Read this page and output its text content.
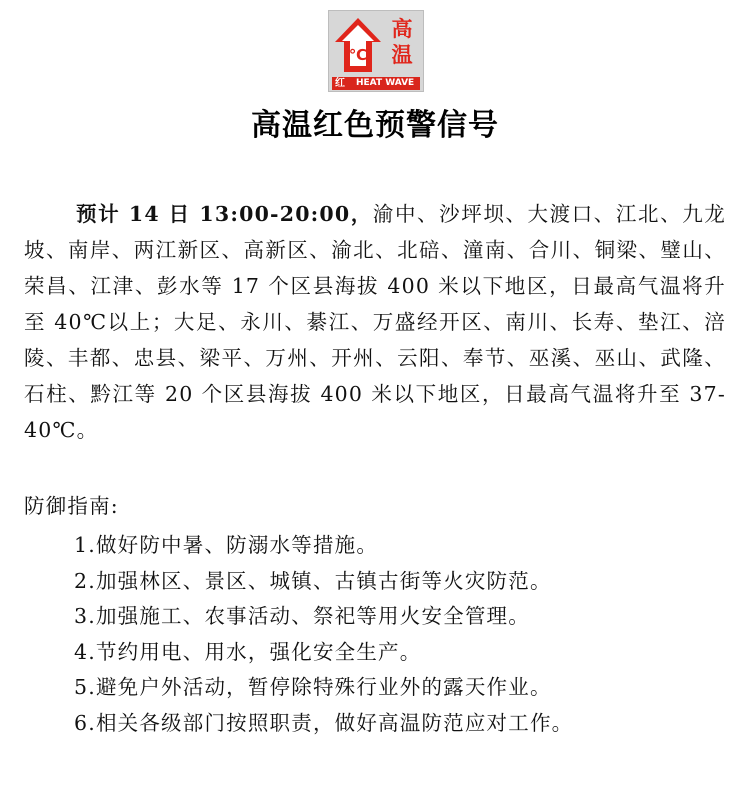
℃
高
温
红 HEAT WAVE
高温红色预警信号

预计 14 日 13:00-20:00，渝中、沙坪坝、大渡口、江北、九龙坡、南岸、两江新区、高新区、渝北、北碚、潼南、合川、铜梁、璧山、荣昌、江津、彭水等 17 个区县海拔 400 米以下地区，日最高气温将升至 40℃以上；大足、永川、綦江、万盛经开区、南川、长寿、垫江、涪陵、丰都、忠县、梁平、万州、开州、云阳、奉节、巫溪、巫山、武隆、石柱、黔江等 20 个区县海拔 400 米以下地区，日最高气温将升至 37-40℃。

防御指南:
1.做好防中暑、防溺水等措施。
2.加强林区、景区、城镇、古镇古街等火灾防范。
3.加强施工、农事活动、祭祀等用火安全管理。
4.节约用电、用水，强化安全生产。
5.避免户外活动，暂停除特殊行业外的露天作业。
6.相关各级部门按照职责，做好高温防范应对工作。
